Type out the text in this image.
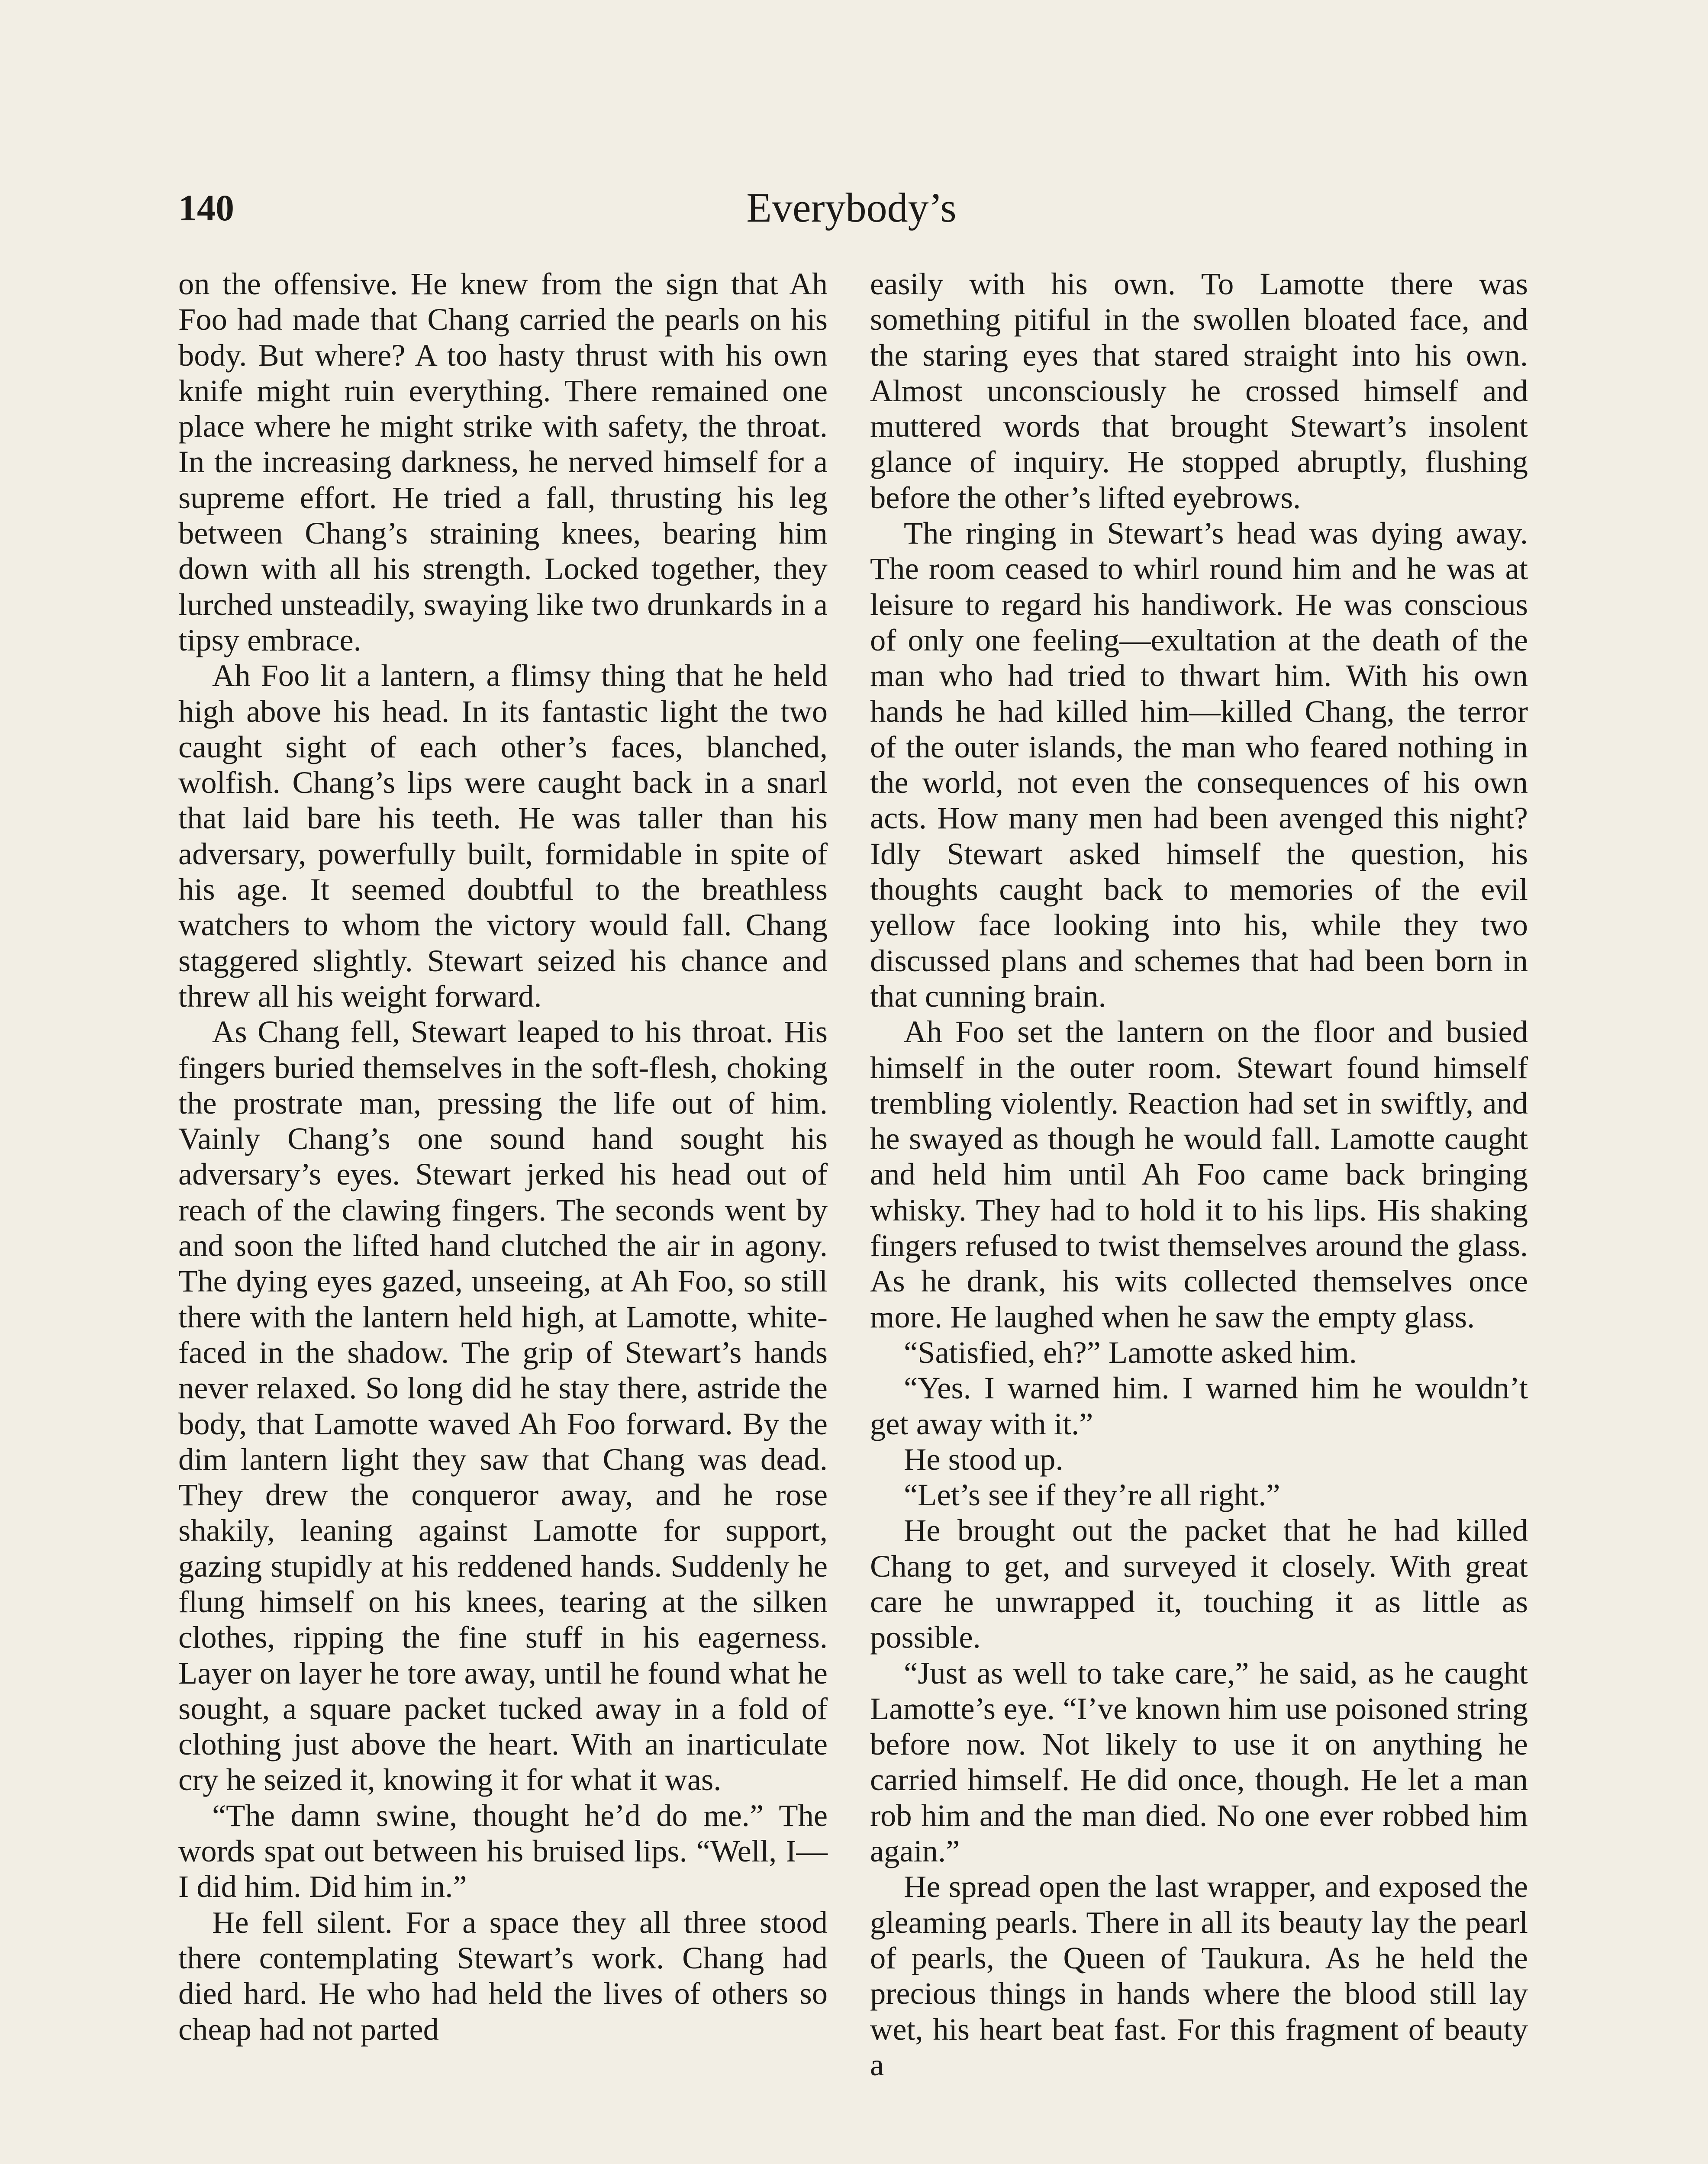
140	Everybody’s

on the offensive. He knew from the sign that Ah Foo had made that Chang carried the pearls on his body. But where? A too hasty thrust with his own knife might ruin everything. There remained one place where he might strike with safety, the throat. In the increasing darkness, he nerved himself for a supreme effort. He tried a fall, thrusting his leg between Chang’s straining knees, bearing him down with all his strength. Locked together, they lurched unsteadily, swaying like two drunkards in a tipsy embrace.

Ah Foo lit a lantern, a flimsy thing that he held high above his head. In its fantastic light the two caught sight of each other’s faces, blanched, wolfish. Chang’s lips were caught back in a snarl that laid bare his teeth. He was taller than his adversary, powerfully built, formidable in spite of his age. It seemed doubtful to the breathless watchers to whom the victory would fall. Chang staggered slightly. Stewart seized his chance and threw all his weight forward.

As Chang fell, Stewart leaped to his throat. His fingers buried themselves in the soft-flesh, choking the prostrate man, pressing the life out of him. Vainly Chang’s one sound hand sought his adversary’s eyes. Stewart jerked his head out of reach of the clawing fingers. The seconds went by and soon the lifted hand clutched the air in agony. The dying eyes gazed, unseeing, at Ah Foo, so still there with the lantern held high, at Lamotte, white-faced in the shadow. The grip of Stewart’s hands never relaxed. So long did he stay there, astride the body, that Lamotte waved Ah Foo forward. By the dim lantern light they saw that Chang was dead. They drew the conqueror away, and he rose shakily, leaning against Lamotte for support, gazing stupidly at his reddened hands. Suddenly he flung himself on his knees, tearing at the silken clothes, ripping the fine stuff in his eagerness. Layer on layer he tore away, until he found what he sought, a square packet tucked away in a fold of clothing just above the heart. With an inarticulate cry he seized it, knowing it for what it was.

“The damn swine, thought he’d do me.” The words spat out between his bruised lips. “Well, I—I did him. Did him in.”

He fell silent. For a space they all three stood there contemplating Stewart’s work. Chang had died hard. He who had held the lives of others so cheap had not parted

easily with his own. To Lamotte there was something pitiful in the swollen bloated face, and the staring eyes that stared straight into his own. Almost unconsciously he crossed himself and muttered words that brought Stewart’s insolent glance of inquiry. He stopped abruptly, flushing before the other’s lifted eyebrows.

The ringing in Stewart’s head was dying away. The room ceased to whirl round him and he was at leisure to regard his handiwork. He was conscious of only one feeling—exultation at the death of the man who had tried to thwart him. With his own hands he had killed him—killed Chang, the terror of the outer islands, the man who feared nothing in the world, not even the consequences of his own acts. How many men had been avenged this night? Idly Stewart asked himself the question, his thoughts caught back to memories of the evil yellow face looking into his, while they two discussed plans and schemes that had been born in that cunning brain.

Ah Foo set the lantern on the floor and busied himself in the outer room. Stewart found himself trembling violently. Reaction had set in swiftly, and he swayed as though he would fall. Lamotte caught and held him until Ah Foo came back bringing whisky. They had to hold it to his lips. His shaking fingers refused to twist themselves around the glass. As he drank, his wits collected themselves once more. He laughed when he saw the empty glass.

“Satisfied, eh?” Lamotte asked him.

“Yes. I warned him. I warned him he wouldn’t get away with it.”

He stood up.

“Let’s see if they’re all right.”

He brought out the packet that he had killed Chang to get, and surveyed it closely. With great care he unwrapped it, touching it as little as possible.

“Just as well to take care,” he said, as he caught Lamotte’s eye. “I’ve known him use poisoned string before now. Not likely to use it on anything he carried himself. He did once, though. He let a man rob him and the man died. No one ever robbed him again.”

He spread open the last wrapper, and exposed the gleaming pearls. There in all its beauty lay the pearl of pearls, the Queen of Taukura. As he held the precious things in hands where the blood still lay wet, his heart beat fast. For this fragment of beauty a
